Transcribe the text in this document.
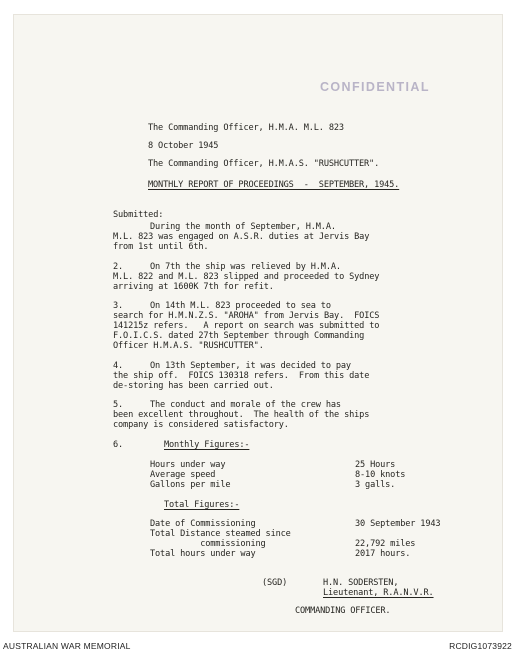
CONFIDENTIAL
The Commanding Officer, H.M.A. M.L. 823
8 October 1945
The Commanding Officer, H.M.A.S. "RUSHCUTTER".
MONTHLY REPORT OF PROCEEDINGS  -  SEPTEMBER, 1945.
Submitted:
During the month of September, H.M.A.
M.L. 823 was engaged on A.S.R. duties at Jervis Bay
from 1st until 6th.
2.	On 7th the ship was relieved by H.M.A.
M.L. 822 and M.L. 823 slipped and proceeded to Sydney
arriving at 1600K 7th for refit.
3.	On 14th M.L. 823 proceeded to sea to
search for H.M.N.Z.S. "AROHA" from Jervis Bay.  FOICS
141215z refers.   A report on search was submitted to
F.O.I.C.S. dated 27th September through Commanding
Officer H.M.A.S. "RUSHCUTTER".
4.	On 13th September, it was decided to pay
the ship off.  FOICS 130318 refers.  From this date
de-storing has been carried out.
5.	The conduct and morale of the crew has
been excellent throughout.  The health of the ships
company is considered satisfactory.
6.	Monthly Figures:-
Hours under way	25 Hours
Average speed	8-10 knots
Gallons per mile	3 galls.
Total Figures:-
Date of Commissioning	30 September 1943
Total Distance steamed since
commissioning	22,792 miles
Total hours under way	2017 hours.
(SGD)	H.N. SODERSTEN,
Lieutenant, R.A.N.V.R.
COMMANDING OFFICER.
AUSTRALIAN WAR MEMORIAL	RCDIG1073922
